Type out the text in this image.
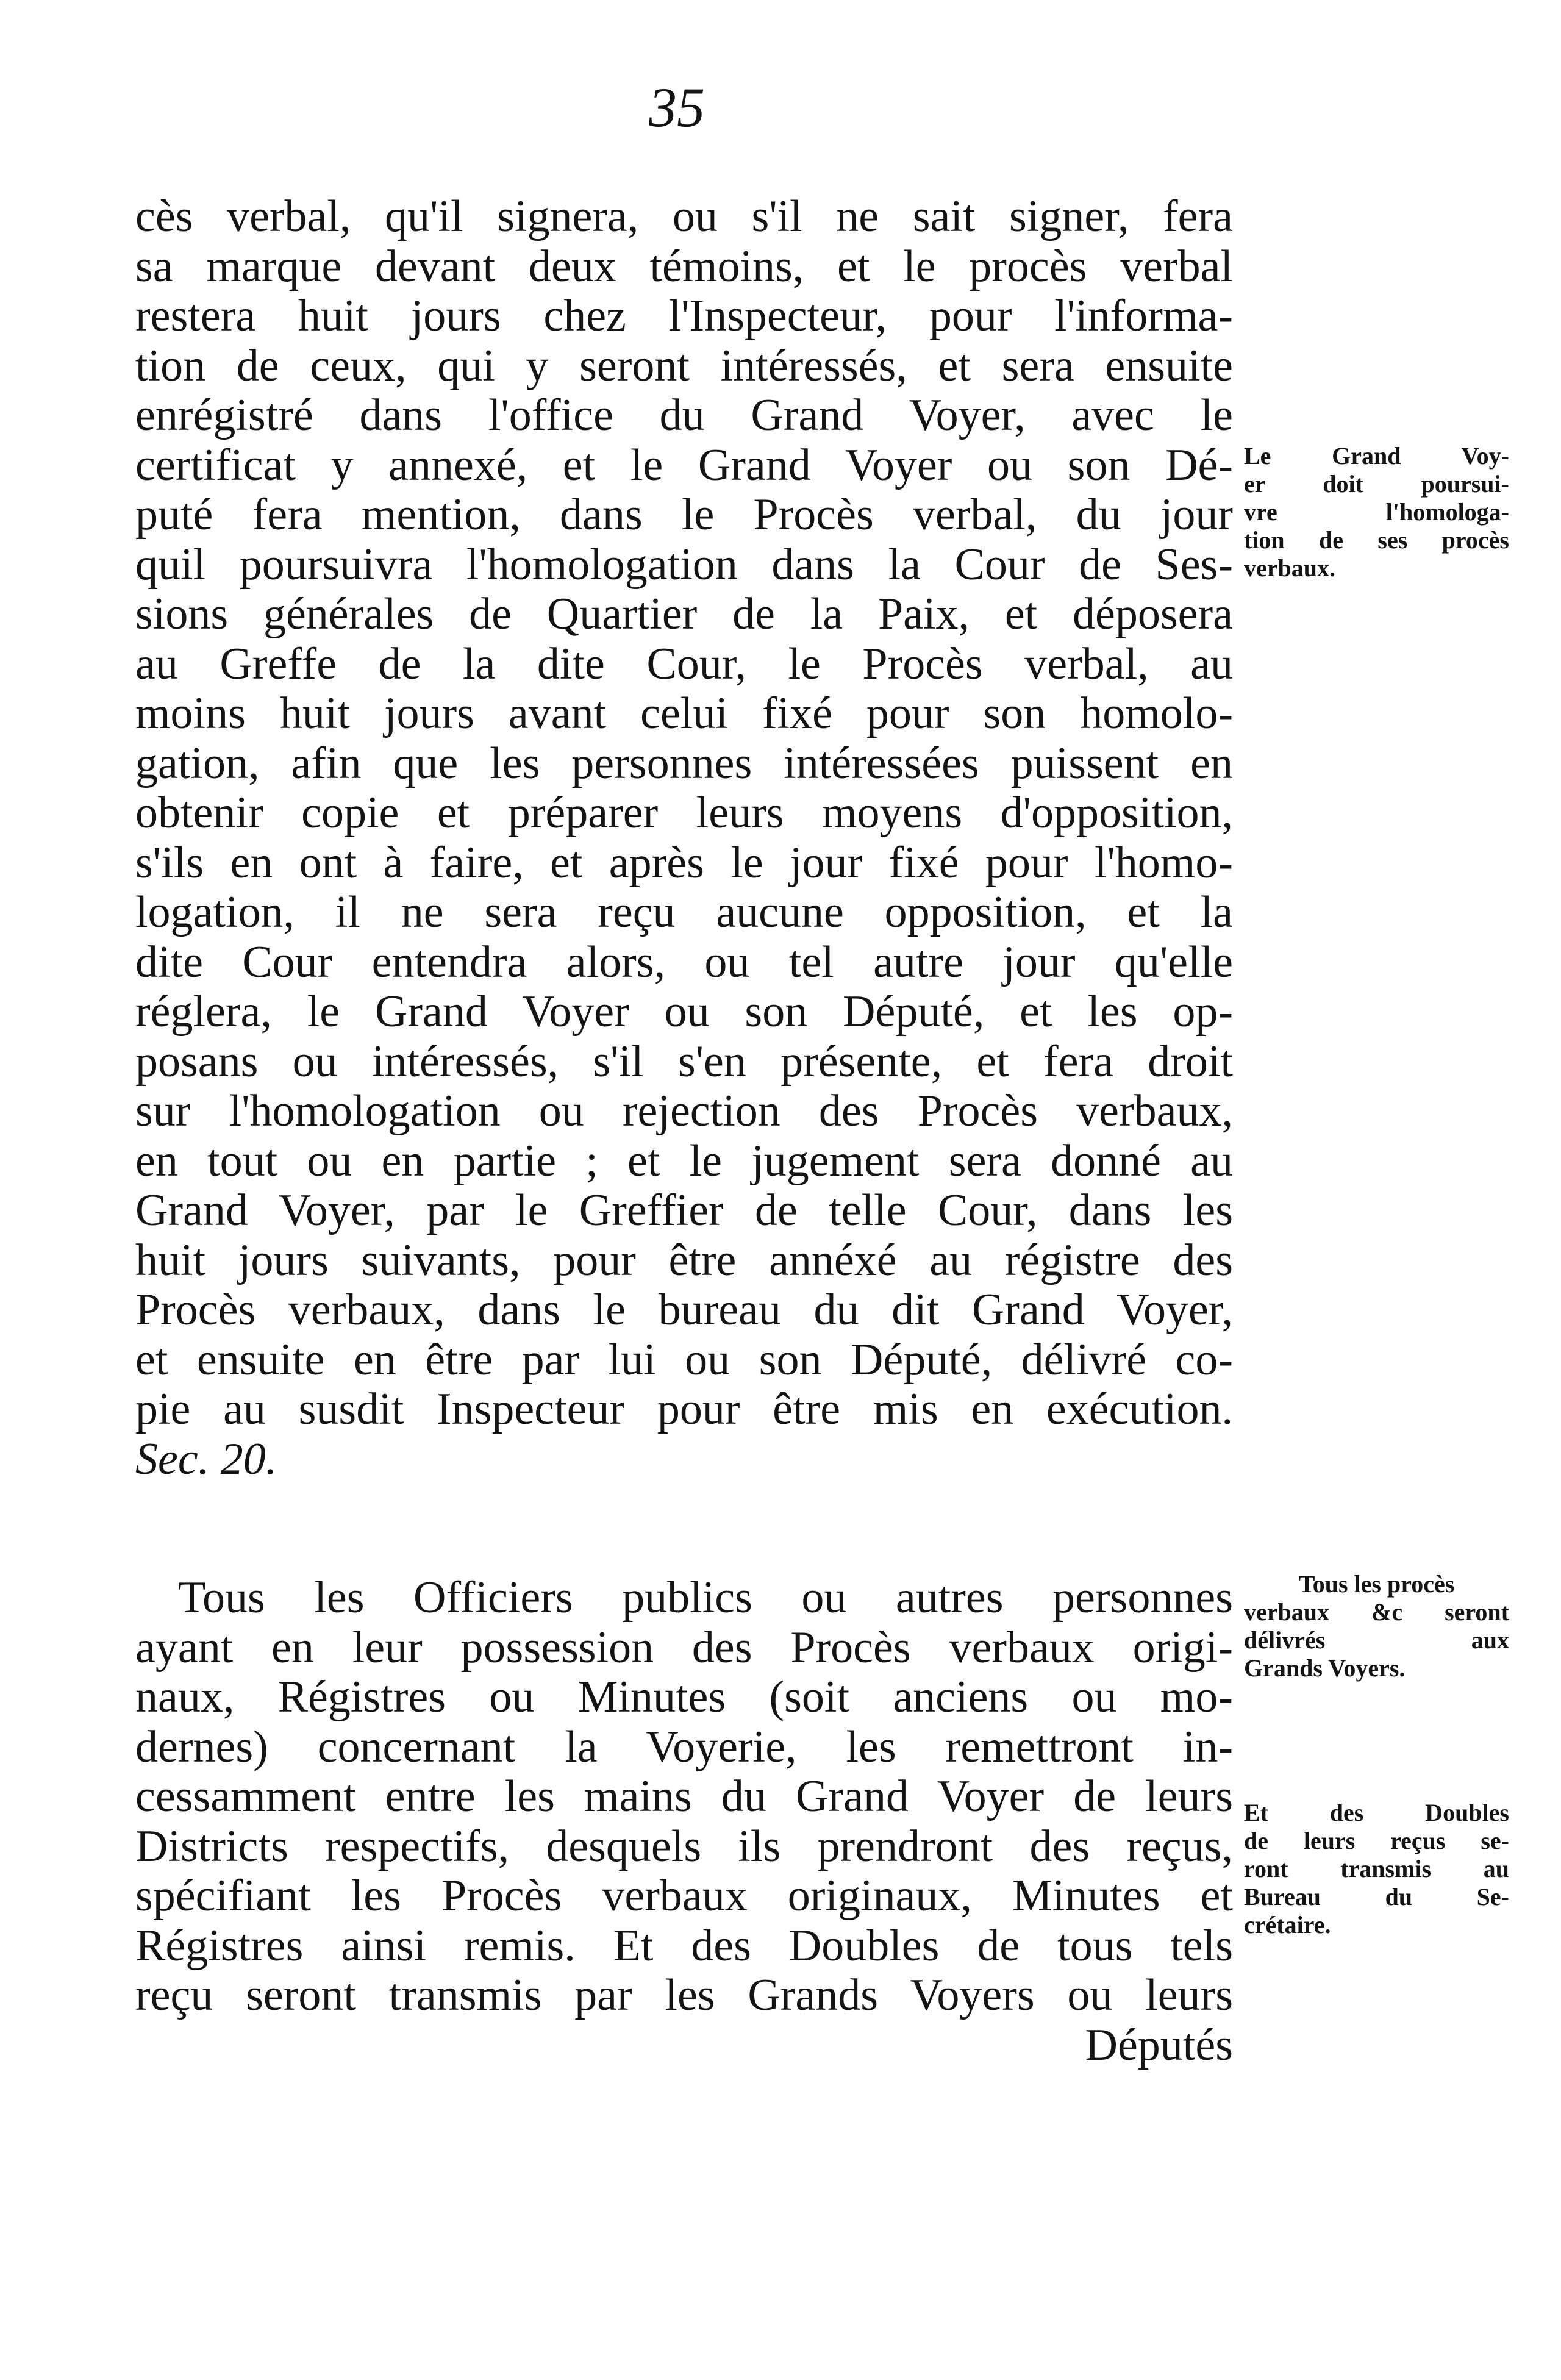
35
cès verbal, qu'il signera, ou s'il ne sait signer, fera
sa marque devant deux témoins, et le procès verbal
restera huit jours chez l'Inspecteur, pour l'informa-
tion de ceux, qui y seront intéressés, et sera ensuite
enrégistré dans l'office du Grand Voyer, avec le
certificat y annexé, et le Grand Voyer ou son Dé-
puté fera mention, dans le Procès verbal, du jour
quil poursuivra l'homologation dans la Cour de Ses-
sions générales de Quartier de la Paix, et déposera
au Greffe de la dite Cour, le Procès verbal, au
moins huit jours avant celui fixé pour son homolo-
gation, afin que les personnes intéressées puissent en
obtenir copie et préparer leurs moyens d'opposition,
s'ils en ont à faire, et après le jour fixé pour l'homo-
logation, il ne sera reçu aucune opposition, et la
dite Cour entendra alors, ou tel autre jour qu'elle
réglera, le Grand Voyer ou son Député, et les op-
posans ou intéressés, s'il s'en présente, et fera droit
sur l'homologation ou rejection des Procès verbaux,
en tout ou en partie ; et le jugement sera donné au
Grand Voyer, par le Greffier de telle Cour, dans les
huit jours suivants, pour être annéxé au régistre des
Procès verbaux, dans le bureau du dit Grand Voyer,
et ensuite en être par lui ou son Député, délivré co-
pie au susdit Inspecteur pour être mis en exécution.
Sec. 20.
Tous les Officiers publics ou autres personnes
ayant en leur possession des Procès verbaux origi-
naux, Régistres ou Minutes (soit anciens ou mo-
dernes) concernant la Voyerie, les remettront in-
cessamment entre les mains du Grand Voyer de leurs
Districts respectifs, desquels ils prendront des reçus,
spécifiant les Procès verbaux originaux, Minutes et
Régistres ainsi remis. Et des Doubles de tous tels
reçu seront transmis par les Grands Voyers ou leurs
Députés
Le Grand Voy-
er doit poursui-
vre l'homologa-
tion de ses procès
verbaux.
Tous les procès
verbaux &c seront
délivrés aux
Grands Voyers.
Et des Doubles
de leurs reçus se-
ront transmis au
Bureau du Se-
crétaire.
